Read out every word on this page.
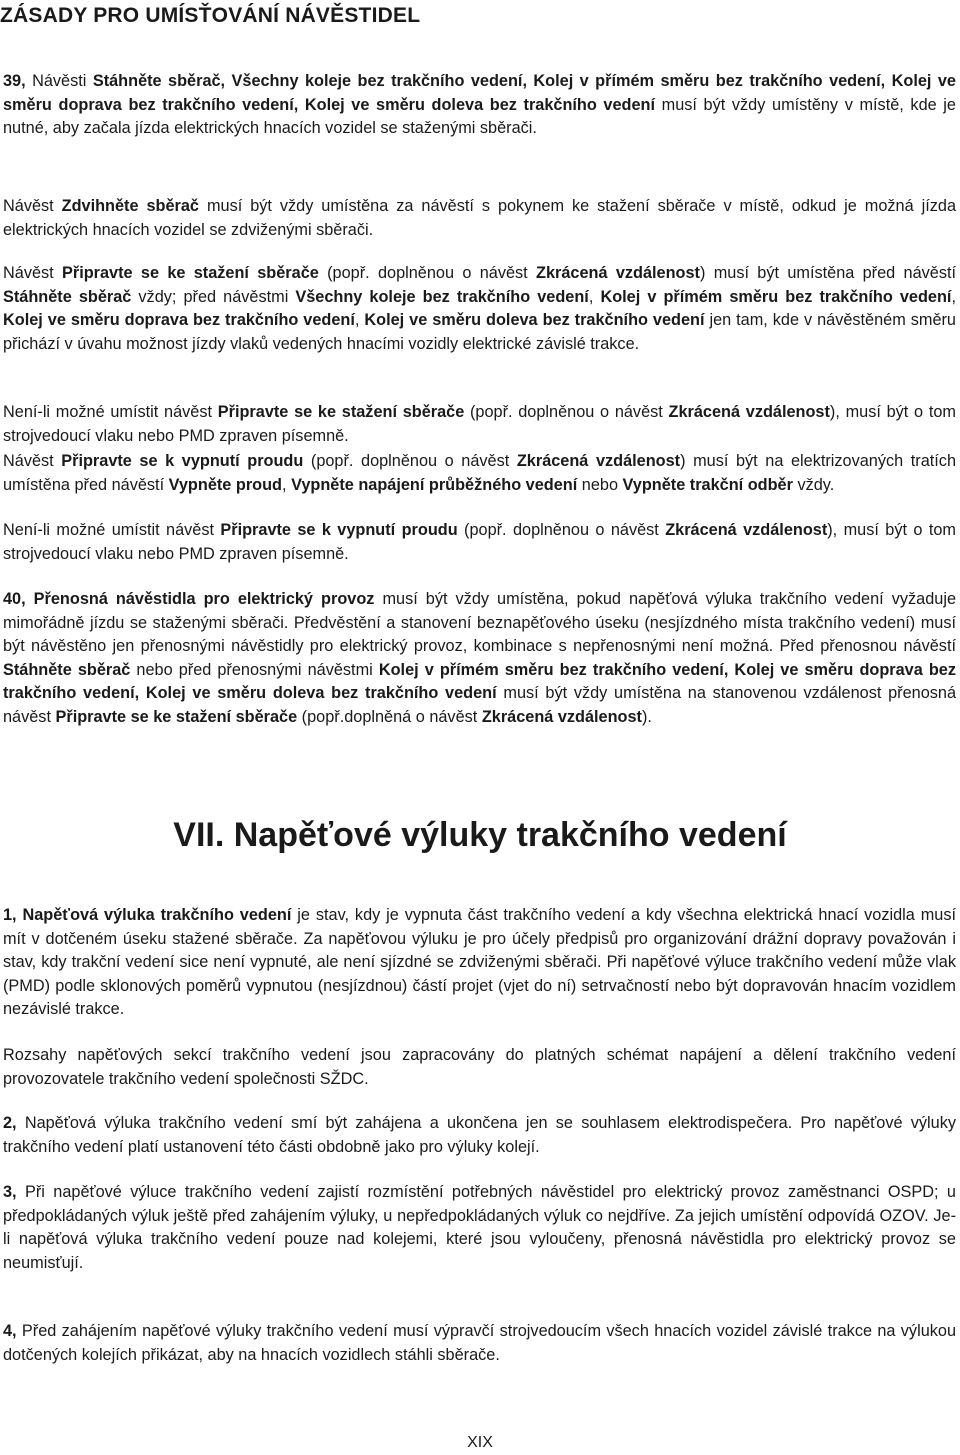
ZÁSADY PRO UMÍSŤOVÁNÍ NÁVĚSTIDEL

39, Návěsti Stáhněte sběrač, Všechny koleje bez trakčního vedení, Kolej v přímém směru bez trakčního vedení, Kolej ve směru doprava bez trakčního vedení, Kolej ve směru doleva bez trakčního vedení musí být vždy umístěny v místě, kde je nutné, aby začala jízda elektrických hnacích vozidel se staženými sběrači.

Návěst Zdvihněte sběrač musí být vždy umístěna za návěstí s pokynem ke stažení sběrače v místě, odkud je možná jízda elektrických hnacích vozidel se zdviženými sběrači.

Návěst Připravte se ke stažení sběrače (popř. doplněnou o návěst Zkrácená vzdálenost) musí být umístěna před návěstí Stáhněte sběrač vždy; před návěstmi Všechny koleje bez trakčního vedení, Kolej v přímém směru bez trakčního vedení, Kolej ve směru doprava bez trakčního vedení, Kolej ve směru doleva bez trakčního vedení jen tam, kde v návěstěném směru přichází v úvahu možnost jízdy vlaků vedených hnacími vozidly elektrické závislé trakce.

Není-li možné umístit návěst Připravte se ke stažení sběrače (popř. doplněnou o návěst Zkrácená vzdálenost), musí být o tom strojvedoucí vlaku nebo PMD zpraven písemně.

Návěst Připravte se k vypnutí proudu (popř. doplněnou o návěst Zkrácená vzdálenost) musí být na elektrizovaných tratích umístěna před návěstí Vypněte proud, Vypněte napájení průběžného vedení nebo Vypněte trakční odběr vždy.

Není-li možné umístit návěst Připravte se k vypnutí proudu (popř. doplněnou o návěst Zkrácená vzdálenost), musí být o tom strojvedoucí vlaku nebo PMD zpraven písemně.

40, Přenosná návěstidla pro elektrický provoz musí být vždy umístěna, pokud napěťová výluka trakčního vedení vyžaduje mimořádně jízdu se staženými sběrači. Předvěstění a stanovení beznapěťového úseku (nesjízdného místa trakčního vedení) musí být návěstěno jen přenosnými návěstidly pro elektrický provoz, kombinace s nepřenosnými není možná. Před přenosnou návěstí Stáhněte sběrač nebo před přenosnými návěstmi Kolej v přímém směru bez trakčního vedení, Kolej ve směru doprava bez trakčního vedení, Kolej ve směru doleva bez trakčního vedení musí být vždy umístěna na stanovenou vzdálenost přenosná návěst Připravte se ke stažení sběrače (popř.doplněná o návěst Zkrácená vzdálenost).

VII. Napěťové výluky trakčního vedení

1, Napěťová výluka trakčního vedení je stav, kdy je vypnuta část trakčního vedení a kdy všechna elektrická hnací vozidla musí mít v dotčeném úseku stažené sběrače. Za napěťovou výluku je pro účely předpisů pro organizování drážní dopravy považován i stav, kdy trakční vedení sice není vypnuté, ale není sjízdné se zdviženými sběrači. Při napěťové výluce trakčního vedení může vlak (PMD) podle sklonových poměrů vypnutou (nesjízdnou) částí projet (vjet do ní) setrvačností nebo být dopravován hnacím vozidlem nezávislé trakce.

Rozsahy napěťových sekcí trakčního vedení jsou zapracovány do platných schémat napájení a dělení trakčního vedení provozovatele trakčního vedení společnosti SŽDC.

2, Napěťová výluka trakčního vedení smí být zahájena a ukončena jen se souhlasem elektrodispečera. Pro napěťové výluky trakčního vedení platí ustanovení této části obdobně jako pro výluky kolejí.

3, Při napěťové výluce trakčního vedení zajistí rozmístění potřebných návěstidel pro elektrický provoz zaměstnanci OSPD; u předpokládaných výluk ještě před zahájením výluky, u nepředpokládaných výluk co nejdříve. Za jejich umístění odpovídá OZOV. Je-li napěťová výluka trakčního vedení pouze nad kolejemi, které jsou vyloučeny, přenosná návěstidla pro elektrický provoz se neumisťují.

4, Před zahájením napěťové výluky trakčního vedení musí výpravčí strojvedoucím všech hnacích vozidel závislé trakce na výlukou dotčených kolejích přikázat, aby na hnacích vozidlech stáhli sběrače.

XIX
